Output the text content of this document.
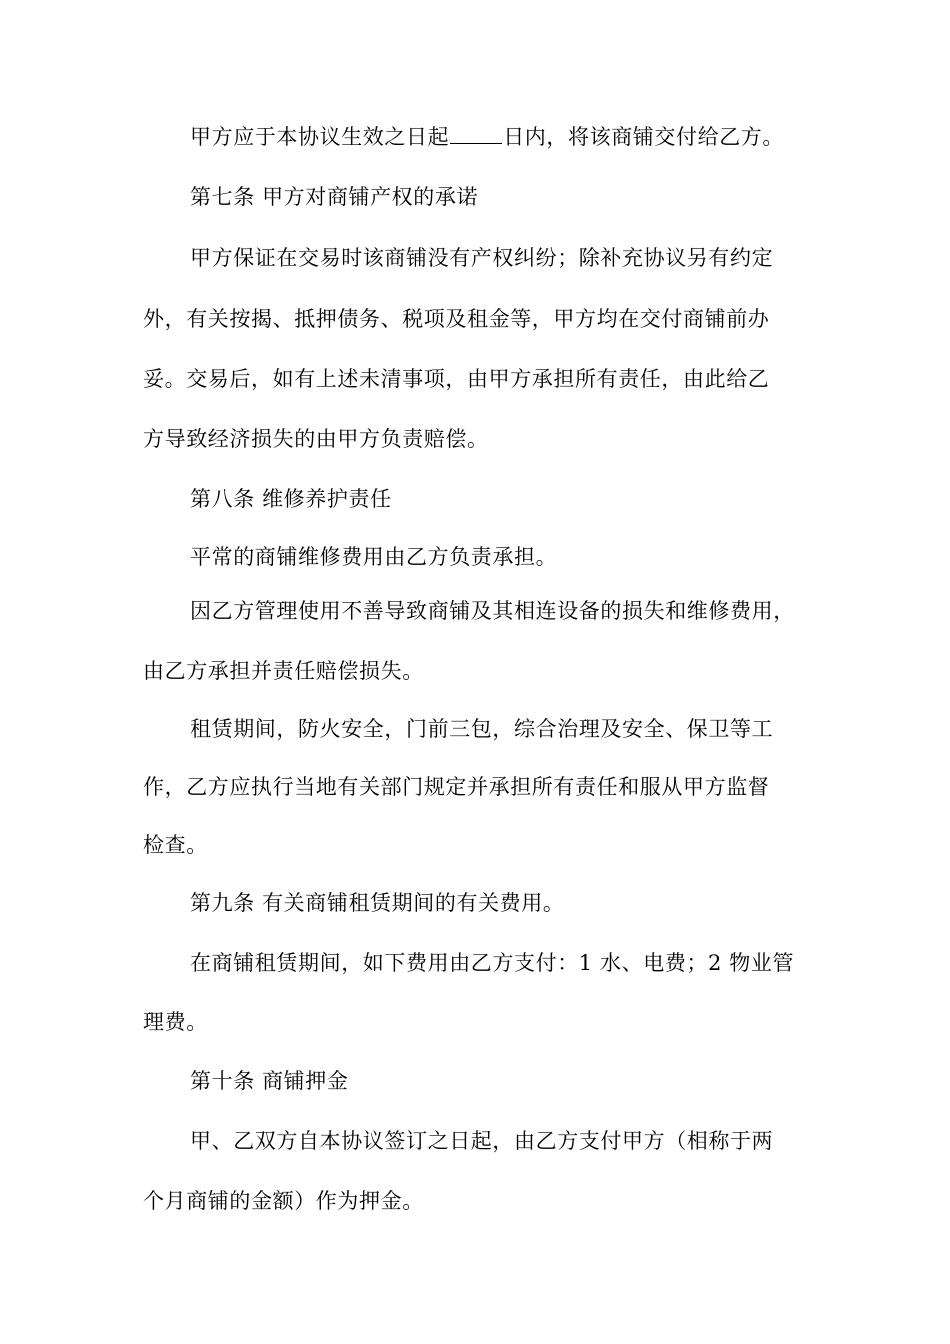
甲方应于本协议生效之日起	日内，将该商铺交付给乙方。
第七条 甲方对商铺产权的承诺
甲方保证在交易时该商铺没有产权纠纷；除补充协议另有约定
外，有关按揭、抵押债务、税项及租金等，甲方均在交付商铺前办
妥。交易后，如有上述未清事项，由甲方承担所有责任，由此给乙
方导致经济损失的由甲方负责赔偿。
第八条 维修养护责任
平常的商铺维修费用由乙方负责承担。
因乙方管理使用不善导致商铺及其相连设备的损失和维修费用，
由乙方承担并责任赔偿损失。
租赁期间，防火安全，门前三包，综合治理及安全、保卫等工
作，乙方应执行当地有关部门规定并承担所有责任和服从甲方监督
检查。
第九条 有关商铺租赁期间的有关费用。
在商铺租赁期间，如下费用由乙方支付：1 水、电费；2 物业管
理费。
第十条 商铺押金
甲、乙双方自本协议签订之日起，由乙方支付甲方（相称于两
个月商铺的金额）作为押金。
